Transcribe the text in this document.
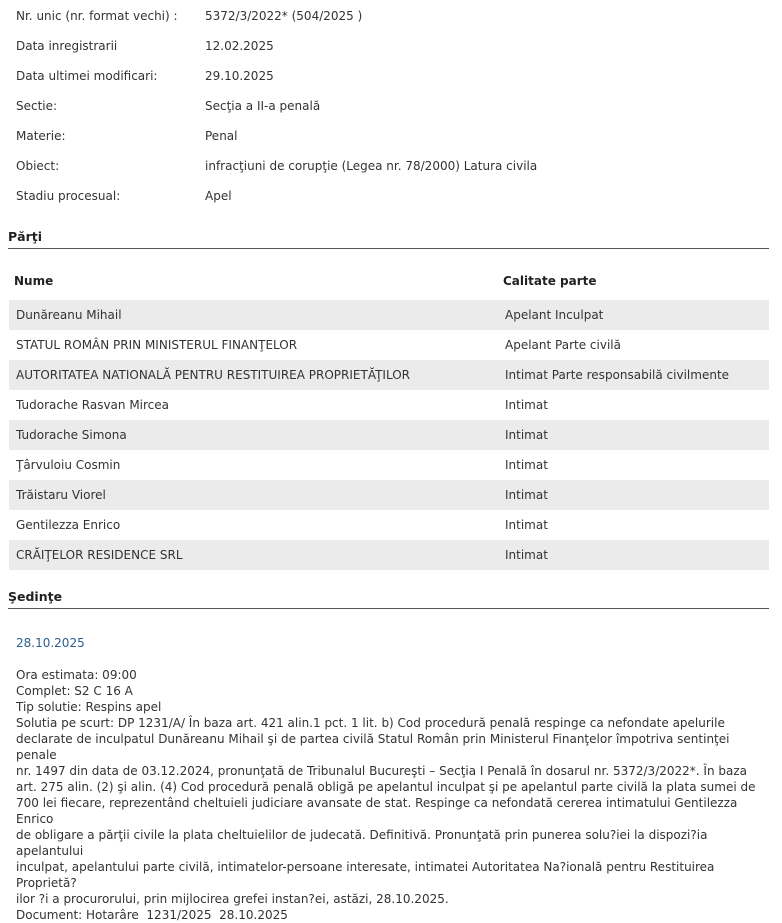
Nr. unic (nr. format vechi) : 5372/3/2022* (504/2025 )
Data inregistrarii	12.02.2025
Data ultimei modificari:	29.10.2025
Sectie:	Secţia a II-a penală
Materie:	Penal
Obiect:	infracţiuni de corupţie (Legea nr. 78/2000) Latura civila
Stadiu procesual:	Apel
Părţi
Nume	Calitate parte
Dunăreanu Mihail	Apelant Inculpat
STATUL ROMÂN PRIN MINISTERUL FINANŢELOR	Apelant Parte civilă
AUTORITATEA NATIONALĂ PENTRU RESTITUIREA PROPRIETĂŢILOR	Intimat Parte responsabilă civilmente
Tudorache Rasvan Mircea	Intimat
Tudorache Simona	Intimat
Ţârvuloiu Cosmin	Intimat
Trăistaru Viorel	Intimat
Gentilezza Enrico	Intimat
CRĂIŢELOR RESIDENCE SRL	Intimat
Şedinţe
28.10.2025
Ora estimata: 09:00
Complet: S2 C 16 A
Tip solutie: Respins apel
Solutia pe scurt: DP 1231/A/ În baza art. 421 alin.1 pct. 1 lit. b) Cod procedură penală respinge ca nefondate apelurile
declarate de inculpatul Dunăreanu Mihail şi de partea civilă Statul Român prin Ministerul Finanţelor împotriva sentinţei penale
nr. 1497 din data de 03.12.2024, pronunţată de Tribunalul Bucureşti – Secţia I Penală în dosarul nr. 5372/3/2022*. În baza
art. 275 alin. (2) şi alin. (4) Cod procedură penală obligă pe apelantul inculpat şi pe apelantul parte civilă la plata sumei de
700 lei fiecare, reprezentând cheltuieli judiciare avansate de stat. Respinge ca nefondată cererea intimatului Gentilezza Enrico
de obligare a părţii civile la plata cheltuielilor de judecată. Definitivă. Pronunţată prin punerea solu?iei la dispozi?ia apelantului
inculpat, apelantului parte civilă, intimatelor-persoane interesate, intimatei Autoritatea Na?ională pentru Restituirea Proprietă?
ilor ?i a procurorului, prin mijlocirea grefei instan?ei, astăzi, 28.10.2025.
Document: Hotarâre  1231/2025  28.10.2025
